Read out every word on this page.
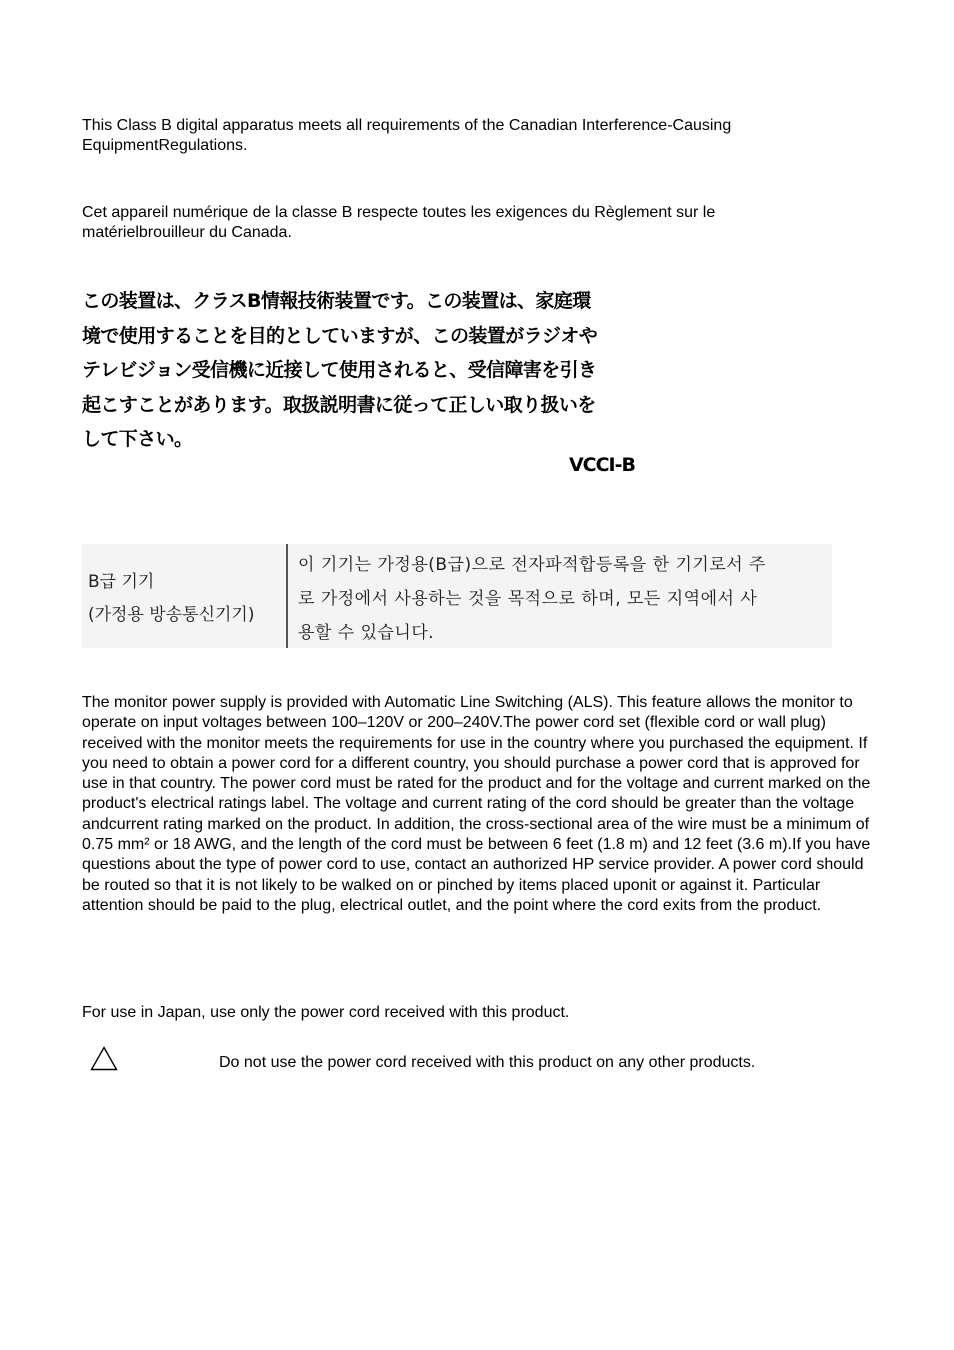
This Class B digital apparatus meets all requirements of the Canadian Interference-Causing EquipmentRegulations.

Cet appareil numérique de la classe B respecte toutes les exigences du Règlement sur le matérielbrouilleur du Canada.

この装置は、クラスB情報技術装置です。この装置は、家庭環
境で使用することを目的としていますが、この装置がラジオや
テレビジョン受信機に近接して使用されると、受信障害を引き
起こすことがあります。取扱説明書に従って正しい取り扱いを
して下さい。
VCCI-B
B급 기기
(가정용 방송통신기기)
이 기기는 가정용(B급)으로 전자파적합등록을 한 기기로서 주
로 가정에서 사용하는 것을 목적으로 하며, 모든 지역에서 사
용할 수 있습니다.

The monitor power supply is provided with Automatic Line Switching (ALS). This feature allows the monitor to operate on input voltages between 100–120V or 200–240V.The power cord set (flexible cord or wall plug) received with the monitor meets the requirements for use in the country where you purchased the equipment. If you need to obtain a power cord for a different country, you should purchase a power cord that is approved for use in that country. The power cord must be rated for the product and for the voltage and current marked on the product's electrical ratings label. The voltage and current rating of the cord should be greater than the voltage andcurrent rating marked on the product. In addition, the cross-sectional area of the wire must be a minimum of 0.75 mm² or 18 AWG, and the length of the cord must be between 6 feet (1.8 m) and 12 feet (3.6 m).If you have questions about the type of power cord to use, contact an authorized HP service provider. A power cord should be routed so that it is not likely to be walked on or pinched by items placed uponit or against it. Particular attention should be paid to the plug, electrical outlet, and the point where the cord exits from the product.

For use in Japan, use only the power cord received with this product.

Do not use the power cord received with this product on any other products.
